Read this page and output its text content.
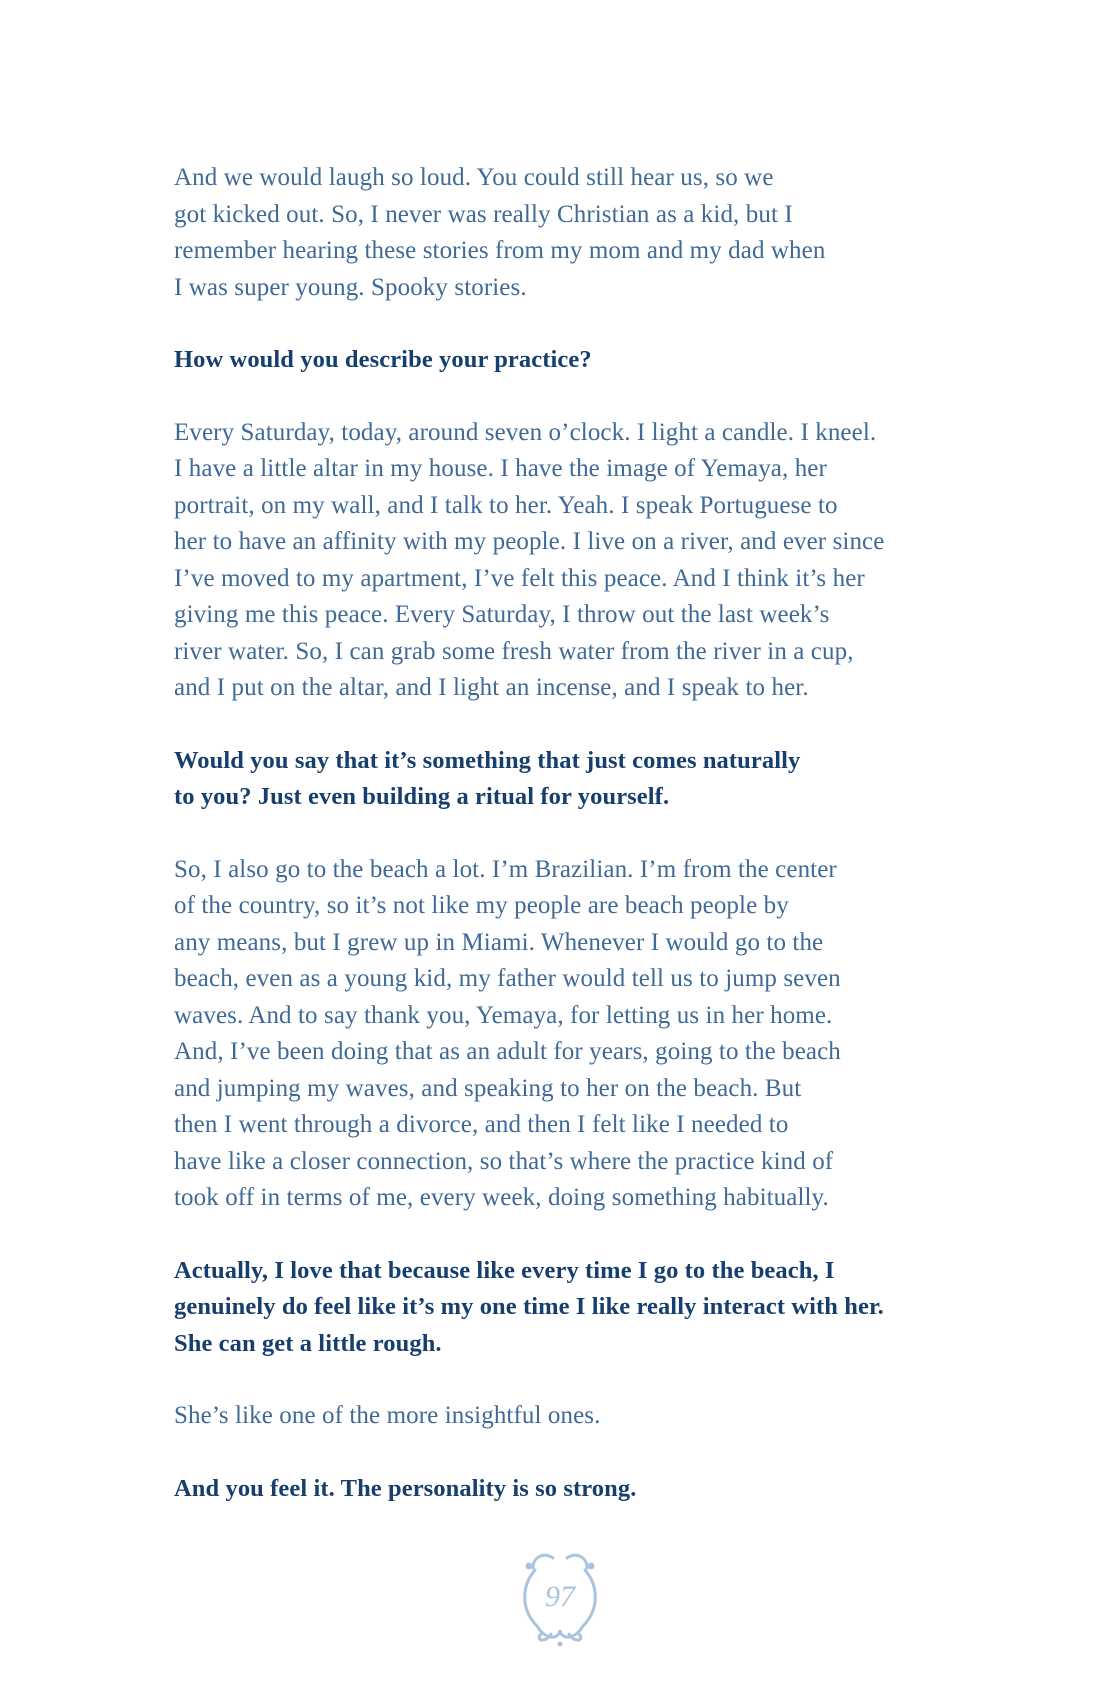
And we would laugh so loud. You could still hear us, so we
got kicked out. So, I never was really Christian as a kid, but I
remember hearing these stories from my mom and my dad when
I was super young. Spooky stories.
How would you describe your practice?
Every Saturday, today, around seven o’clock. I light a candle. I kneel.
I have a little altar in my house. I have the image of Yemaya, her
portrait, on my wall, and I talk to her. Yeah. I speak Portuguese to
her to have an affinity with my people. I live on a river, and ever since
I’ve moved to my apartment, I’ve felt this peace. And I think it’s her
giving me this peace. Every Saturday, I throw out the last week’s
river water. So, I can grab some fresh water from the river in a cup,
and I put on the altar, and I light an incense, and I speak to her.
Would you say that it’s something that just comes naturally
to you? Just even building a ritual for yourself.
So, I also go to the beach a lot. I’m Brazilian. I’m from the center
of the country, so it’s not like my people are beach people by
any means, but I grew up in Miami. Whenever I would go to the
beach, even as a young kid, my father would tell us to jump seven
waves. And to say thank you, Yemaya, for letting us in her home.
And, I’ve been doing that as an adult for years, going to the beach
and jumping my waves, and speaking to her on the beach. But
then I went through a divorce, and then I felt like I needed to
have like a closer connection, so that’s where the practice kind of
took off in terms of me, every week, doing something habitually.
Actually, I love that because like every time I go to the beach, I
genuinely do feel like it’s my one time I like really interact with her.
She can get a little rough.
She’s like one of the more insightful ones.
And you feel it. The personality is so strong.
97
